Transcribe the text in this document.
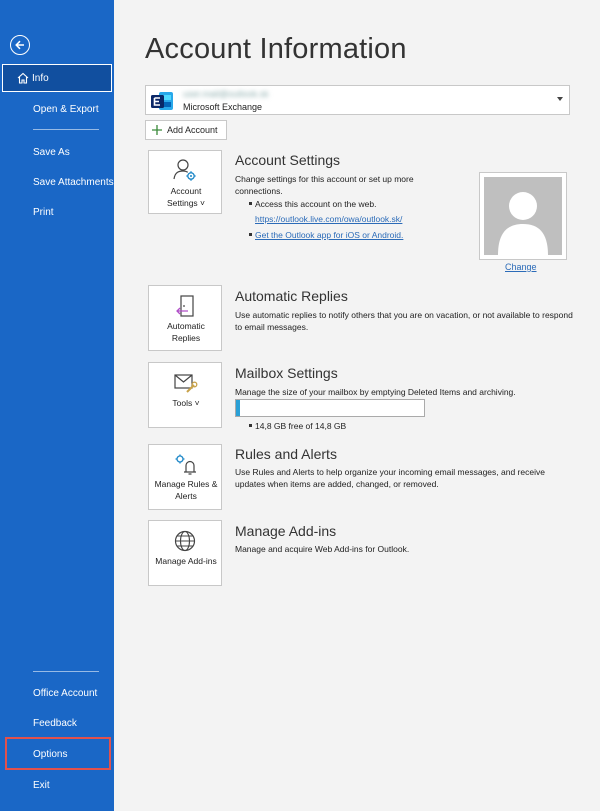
Info
Open & Export
Save As
Save Attachments
Print
Office Account
Feedback
Options
Exit
Account Information
user.mail@outlook.sk
Microsoft Exchange
Add Account
Account Settings ˅
Account Settings
Change settings for this account or set up more connections.
Access this account on the web.
https://outlook.live.com/owa/outlook.sk/
Get the Outlook app for iOS or Android.
Change
Automatic Replies
Automatic Replies
Use automatic replies to notify others that you are on vacation, or not available to respond to email messages.
Tools ˅
Mailbox Settings
Manage the size of your mailbox by emptying Deleted Items and archiving.
14,8 GB free of 14,8 GB
Manage Rules & Alerts
Rules and Alerts
Use Rules and Alerts to help organize your incoming email messages, and receive updates when items are added, changed, or removed.
Manage Add-ins
Manage Add-ins
Manage and acquire Web Add-ins for Outlook.
